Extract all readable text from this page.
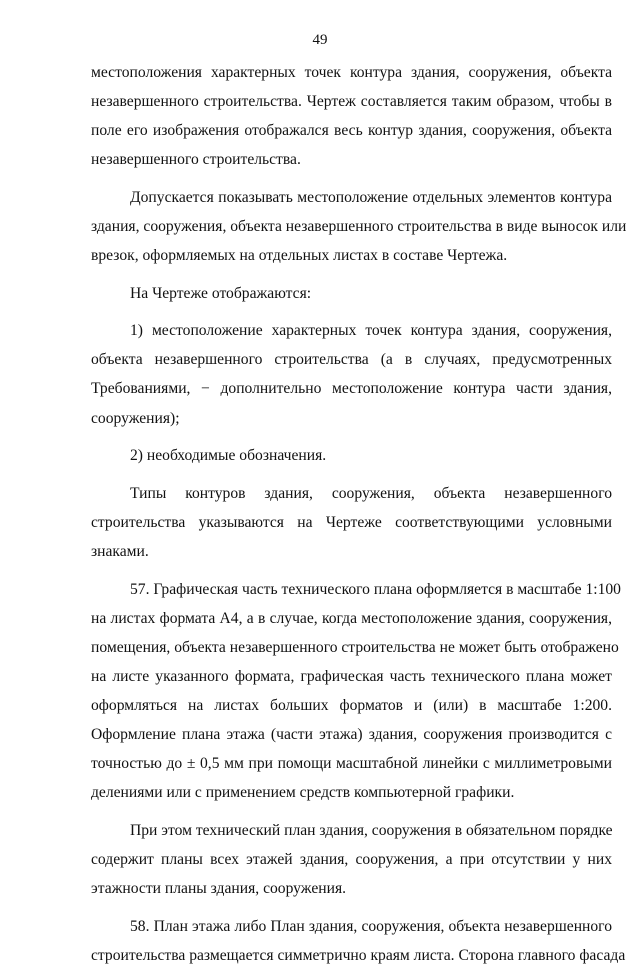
49
местоположения характерных точек контура здания, сооружения, объекта
незавершенного строительства. Чертеж составляется таким образом, чтобы в
поле его изображения отображался весь контур здания, сооружения, объекта
незавершенного строительства.
Допускается показывать местоположение отдельных элементов контура
здания, сооружения, объекта незавершенного строительства в виде выносок или
врезок, оформляемых на отдельных листах в составе Чертежа.
На Чертеже отображаются:
1) местоположение характерных точек контура здания, сооружения,
объекта незавершенного строительства (а в случаях, предусмотренных
Требованиями, − дополнительно местоположение контура части здания,
сооружения);
2) необходимые обозначения.
Типы контуров здания, сооружения, объекта незавершенного
строительства указываются на Чертеже соответствующими условными
знаками.
57. Графическая часть технического плана оформляется в масштабе 1:100
на листах формата А4, а в случае, когда местоположение здания, сооружения,
помещения, объекта незавершенного строительства не может быть отображено
на листе указанного формата, графическая часть технического плана может
оформляться на листах больших форматов и (или) в масштабе 1:200.
Оформление плана этажа (части этажа) здания, сооружения производится с
точностью до ± 0,5 мм при помощи масштабной линейки с миллиметровыми
делениями или с применением средств компьютерной графики.
При этом технический план здания, сооружения в обязательном порядке
содержит планы всех этажей здания, сооружения, а при отсутствии у них
этажности планы здания, сооружения.
58. План этажа либо План здания, сооружения, объекта незавершенного
строительства размещается симметрично краям листа. Сторона главного фасада
